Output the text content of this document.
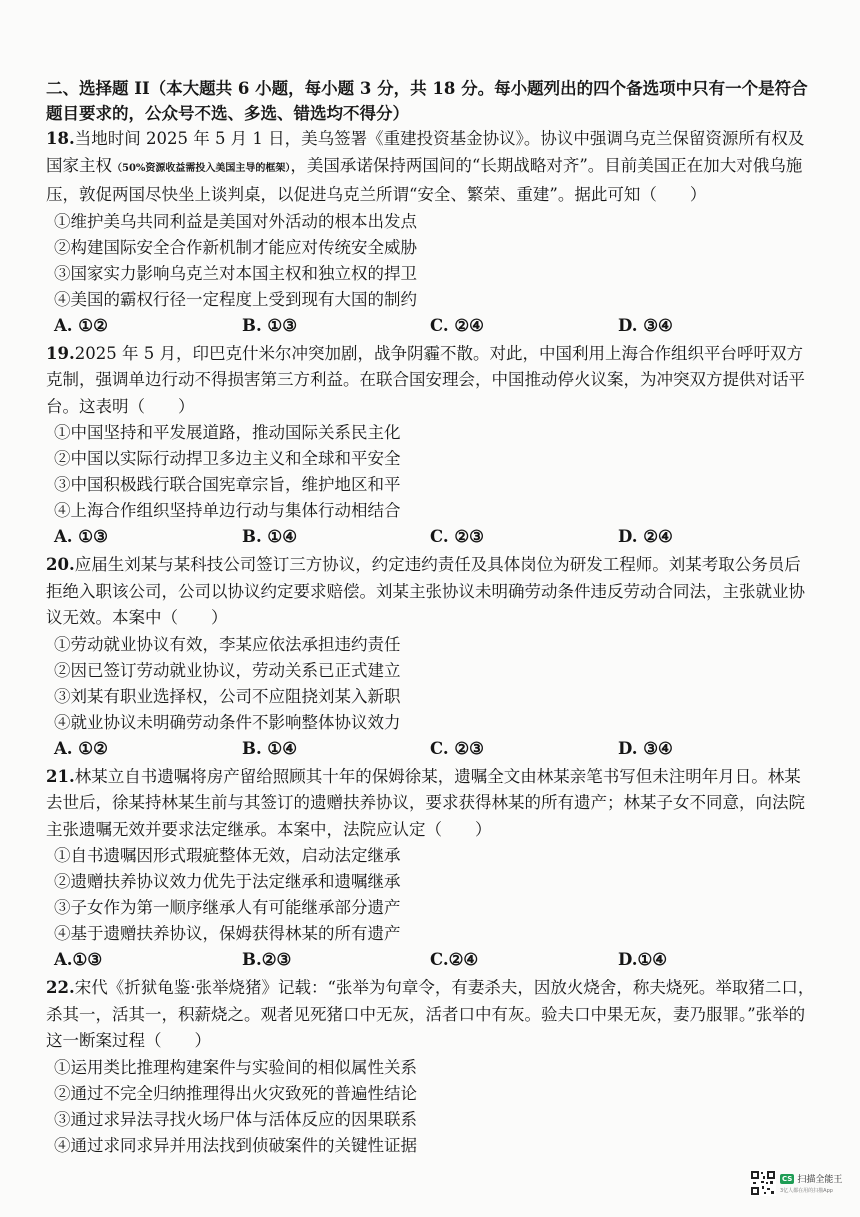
二、选择题 II（本大题共 6 小题，每小题 3 分，共 18 分。每小题列出的四个备选项中只有一个是符合题目要求的，公众号不选、多选、错选均不得分）

18.当地时间 2025 年 5 月 1 日，美乌签署《重建投资基金协议》。协议中强调乌克兰保留资源所有权及国家主权（50%资源收益需投入美国主导的框架），美国承诺保持两国间的“长期战略对齐”。目前美国正在加大对俄乌施压，敦促两国尽快坐上谈判桌，以促进乌克兰所谓“安全、繁荣、重建”。据此可知（　　）

①维护美乌共同利益是美国对外活动的根本出发点

②构建国际安全合作新机制才能应对传统安全威胁

③国家实力影响乌克兰对本国主权和独立权的捍卫

④美国的霸权行径一定程度上受到现有大国的制约

A. ①②	B. ①③	C. ②④	D. ③④

19.2025 年 5 月，印巴克什米尔冲突加剧，战争阴霾不散。对此，中国利用上海合作组织平台呼吁双方克制，强调单边行动不得损害第三方利益。在联合国安理会，中国推动停火议案，为冲突双方提供对话平台。这表明（　　）

①中国坚持和平发展道路，推动国际关系民主化

②中国以实际行动捍卫多边主义和全球和平安全

③中国积极践行联合国宪章宗旨，维护地区和平

④上海合作组织坚持单边行动与集体行动相结合

A. ①③	B. ①④	C. ②③	D. ②④

20.应届生刘某与某科技公司签订三方协议，约定违约责任及具体岗位为研发工程师。刘某考取公务员后拒绝入职该公司，公司以协议约定要求赔偿。刘某主张协议未明确劳动条件违反劳动合同法，主张就业协议无效。本案中（　　）

①劳动就业协议有效，李某应依法承担违约责任

②因已签订劳动就业协议，劳动关系已正式建立

③刘某有职业选择权，公司不应阻挠刘某入新职

④就业协议未明确劳动条件不影响整体协议效力

A. ①②	B. ①④	C. ②③	D. ③④

21.林某立自书遗嘱将房产留给照顾其十年的保姆徐某，遗嘱全文由林某亲笔书写但未注明年月日。林某去世后，徐某持林某生前与其签订的遗赠扶养协议，要求获得林某的所有遗产；林某子女不同意，向法院主张遗嘱无效并要求法定继承。本案中，法院应认定（　　）

①自书遗嘱因形式瑕疵整体无效，启动法定继承

②遗赠扶养协议效力优先于法定继承和遗嘱继承

③子女作为第一顺序继承人有可能继承部分遗产

④基于遗赠扶养协议，保姆获得林某的所有遗产

A.①③	B.②③	C.②④	D.①④

22.宋代《折狱龟鉴·张举烧猪》记载：“张举为句章令，有妻杀夫，因放火烧舍，称夫烧死。举取猪二口，杀其一，活其一，积薪烧之。观者见死猪口中无灰，活者口中有灰。验夫口中果无灰，妻乃服罪。”张举的这一断案过程（　　）

①运用类比推理构建案件与实验间的相似属性关系

②通过不完全归纳推理得出火灾致死的普遍性结论

③通过求异法寻找火场尸体与活体反应的因果联系

④通过求同求异并用法找到侦破案件的关键性证据

CS 扫描全能王
3亿人都在用的扫描App
